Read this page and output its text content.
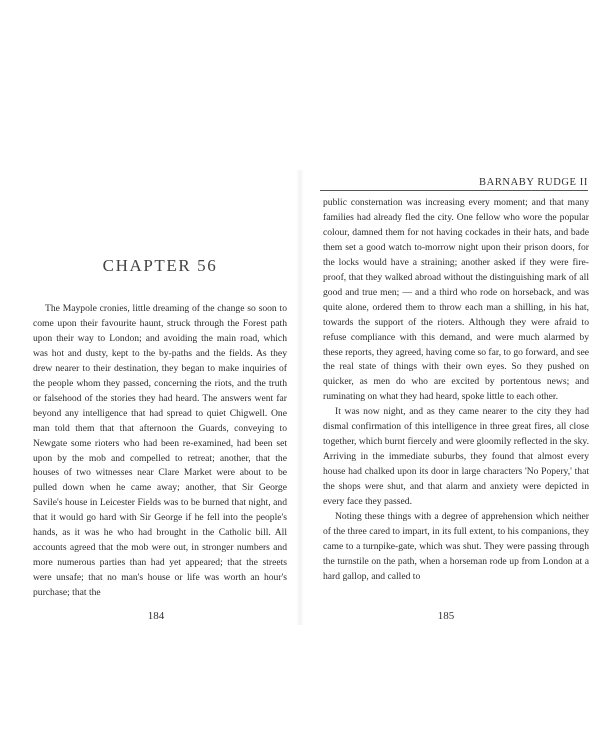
CHAPTER 56

The Maypole cronies, little dreaming of the change so soon to come upon their favourite haunt, struck through the Forest path upon their way to London; and avoiding the main road, which was hot and dusty, kept to the by-paths and the fields. As they drew nearer to their destination, they began to make inquiries of the people whom they passed, concerning the riots, and the truth or falsehood of the stories they had heard. The answers went far beyond any intelligence that had spread to quiet Chigwell. One man told them that that afternoon the Guards, conveying to Newgate some rioters who had been re-examined, had been set upon by the mob and compelled to retreat; another, that the houses of two witnesses near Clare Market were about to be pulled down when he came away; another, that Sir George Savile's house in Leicester Fields was to be burned that night, and that it would go hard with Sir George if he fell into the people's hands, as it was he who had brought in the Catholic bill. All accounts agreed that the mob were out, in stronger numbers and more numerous parties than had yet appeared; that the streets were unsafe; that no man's house or life was worth an hour's purchase; that the

184
BARNABY RUDGE II

public consternation was increasing every moment; and that many families had already fled the city. One fellow who wore the popular colour, damned them for not having cockades in their hats, and bade them set a good watch to-morrow night upon their prison doors, for the locks would have a straining; another asked if they were fire-proof, that they walked abroad without the distinguishing mark of all good and true men; — and a third who rode on horseback, and was quite alone, ordered them to throw each man a shilling, in his hat, towards the support of the rioters. Although they were afraid to refuse compliance with this demand, and were much alarmed by these reports, they agreed, having come so far, to go forward, and see the real state of things with their own eyes. So they pushed on quicker, as men do who are excited by portentous news; and ruminating on what they had heard, spoke little to each other.

It was now night, and as they came nearer to the city they had dismal confirmation of this intelligence in three great fires, all close together, which burnt fiercely and were gloomily reflected in the sky. Arriving in the immediate suburbs, they found that almost every house had chalked upon its door in large characters 'No Popery,' that the shops were shut, and that alarm and anxiety were depicted in every face they passed.

Noting these things with a degree of apprehension which neither of the three cared to impart, in its full extent, to his companions, they came to a turnpike-gate, which was shut. They were passing through the turnstile on the path, when a horseman rode up from London at a hard gallop, and called to

185
